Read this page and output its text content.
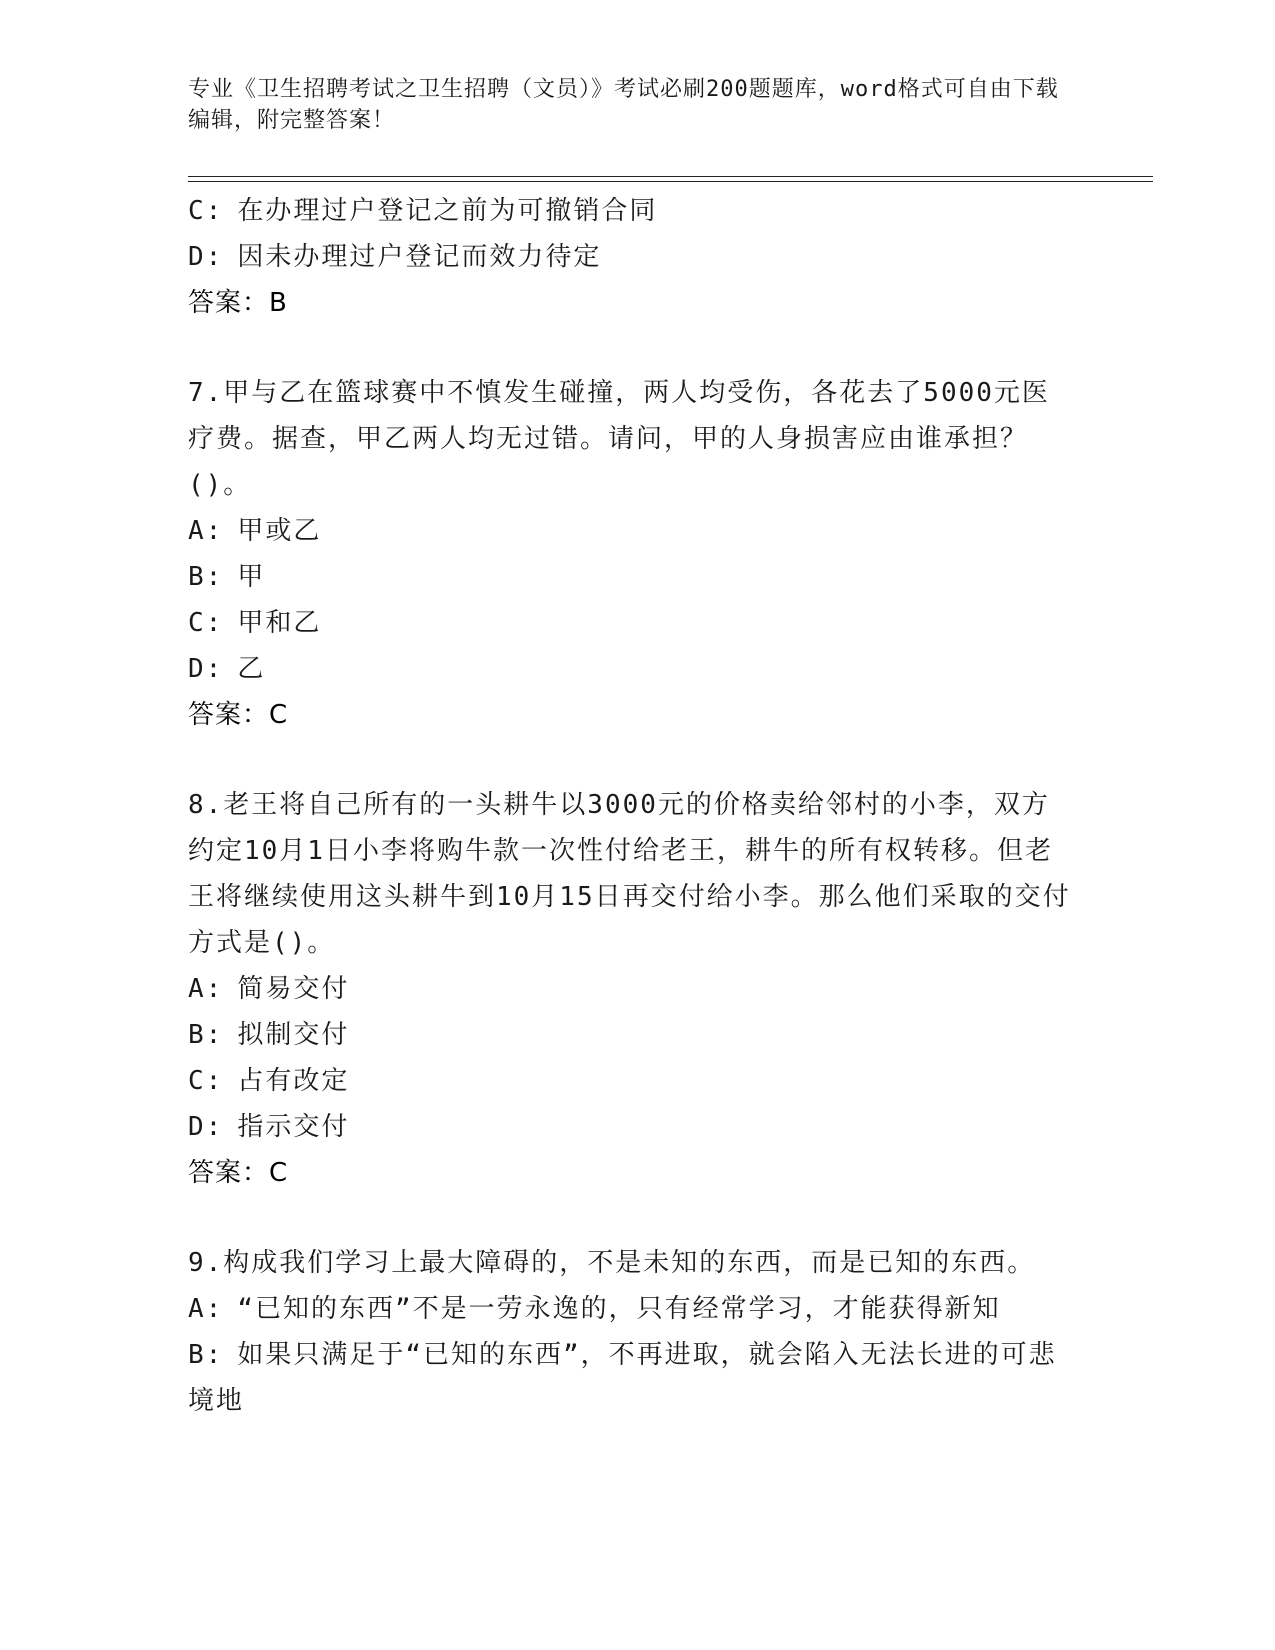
专业《卫生招聘考试之卫生招聘（文员）》考试必刷200题题库，word格式可自由下载编辑，附完整答案！
C: 在办理过户登记之前为可撤销合同
D: 因未办理过户登记而效力待定
答案：B
7.甲与乙在篮球赛中不慎发生碰撞，两人均受伤，各花去了5000元医疗费。据查，甲乙两人均无过错。请问，甲的人身损害应由谁承担？()。
A: 甲或乙
B: 甲
C: 甲和乙
D: 乙
答案：C
8.老王将自己所有的一头耕牛以3000元的价格卖给邻村的小李，双方约定10月1日小李将购牛款一次性付给老王，耕牛的所有权转移。但老王将继续使用这头耕牛到10月15日再交付给小李。那么他们采取的交付方式是()。
A: 简易交付
B: 拟制交付
C: 占有改定
D: 指示交付
答案：C
9.构成我们学习上最大障碍的，不是未知的东西，而是已知的东西。
A: “已知的东西”不是一劳永逸的，只有经常学习，才能获得新知
B: 如果只满足于“已知的东西”，不再进取，就会陷入无法长进的可悲境地
